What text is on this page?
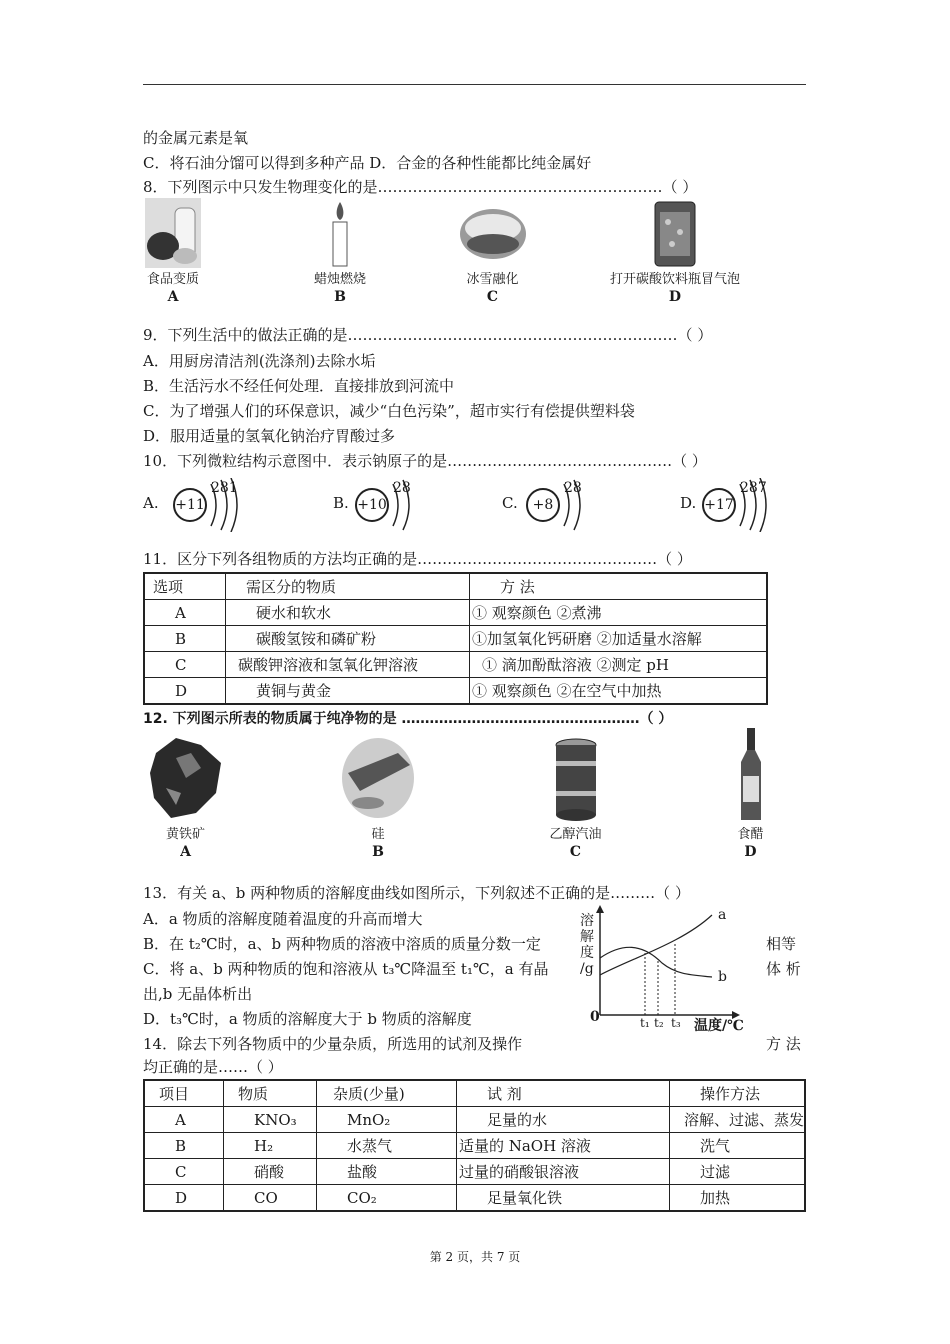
的金属元素是氧
C．将石油分馏可以得到多种产品 D．合金的各种性能都比纯金属好
8．下列图示中只发生物理变化的是…………………………………………………（ ）
食品变质
A
蜡烛燃烧
B
冰雪融化
C
打开碳酸饮料瓶冒气泡
D
9．下列生活中的做法正确的是…………………………………………………………（ ）
A．用厨房清洁剂(洗涤剂)去除水垢
B．生活污水不经任何处理．直接排放到河流中
C．为了增强人们的环保意识，减少“白色污染”，超市实行有偿提供塑料袋
D．服用适量的氢氧化钠治疗胃酸过多
10．下列微粒结构示意图中．表示钠原子的是………………………………………（ ）
A. +11
281
B. +10
28
C.	+8
28
D. +17
287
11．区分下列各组物质的方法均正确的是…………………………………………（ ）
选项	需区分的物质	方 法
A	硬水和软水	① 观察颜色 ②煮沸
B	碳酸氢铵和磷矿粉	①加氢氧化钙研磨 ②加适量水溶解
C	碳酸钾溶液和氢氧化钾溶液	① 滴加酚酞溶液 ②测定 pH
D	黄铜与黄金	① 观察颜色 ②在空气中加热
12. 下列图示所表的物质属于纯净物的是 ……………………………………………（ ）
黄铁矿
A
硅
B
乙醇汽油
C
食醋
D
13．有关 a、b 两种物质的溶解度曲线如图所示，下列叙述不正确的是………（ ）
A．a 物质的溶解度随着温度的升高而增大
B．在 t₂℃时，a、b 两种物质的溶液中溶质的质量分数一定	相等
C．将 a、b 两种物质的饱和溶液从 t₃℃降温至 t₁℃，a 有晶	体 析
出,b 无晶体析出
D．t₃℃时，a 物质的溶解度大于 b 物质的溶解度
溶
解
度
/g
a
b
0	t₁ t₂ t₃ 温度/℃
14．除去下列各物质中的少量杂质，所选用的试剂及操作	方 法
均正确的是……（ ）
项目	物质	杂质(少量)	试 剂	操作方法
A	KNO₃	MnO₂	足量的水	溶解、过滤、蒸发
B	H₂	水蒸气	适量的 NaOH 溶液	洗气
C	硝酸	盐酸	过量的硝酸银溶液	过滤
D	CO	CO₂	足量氧化铁	加热
第 2 页，共 7 页
